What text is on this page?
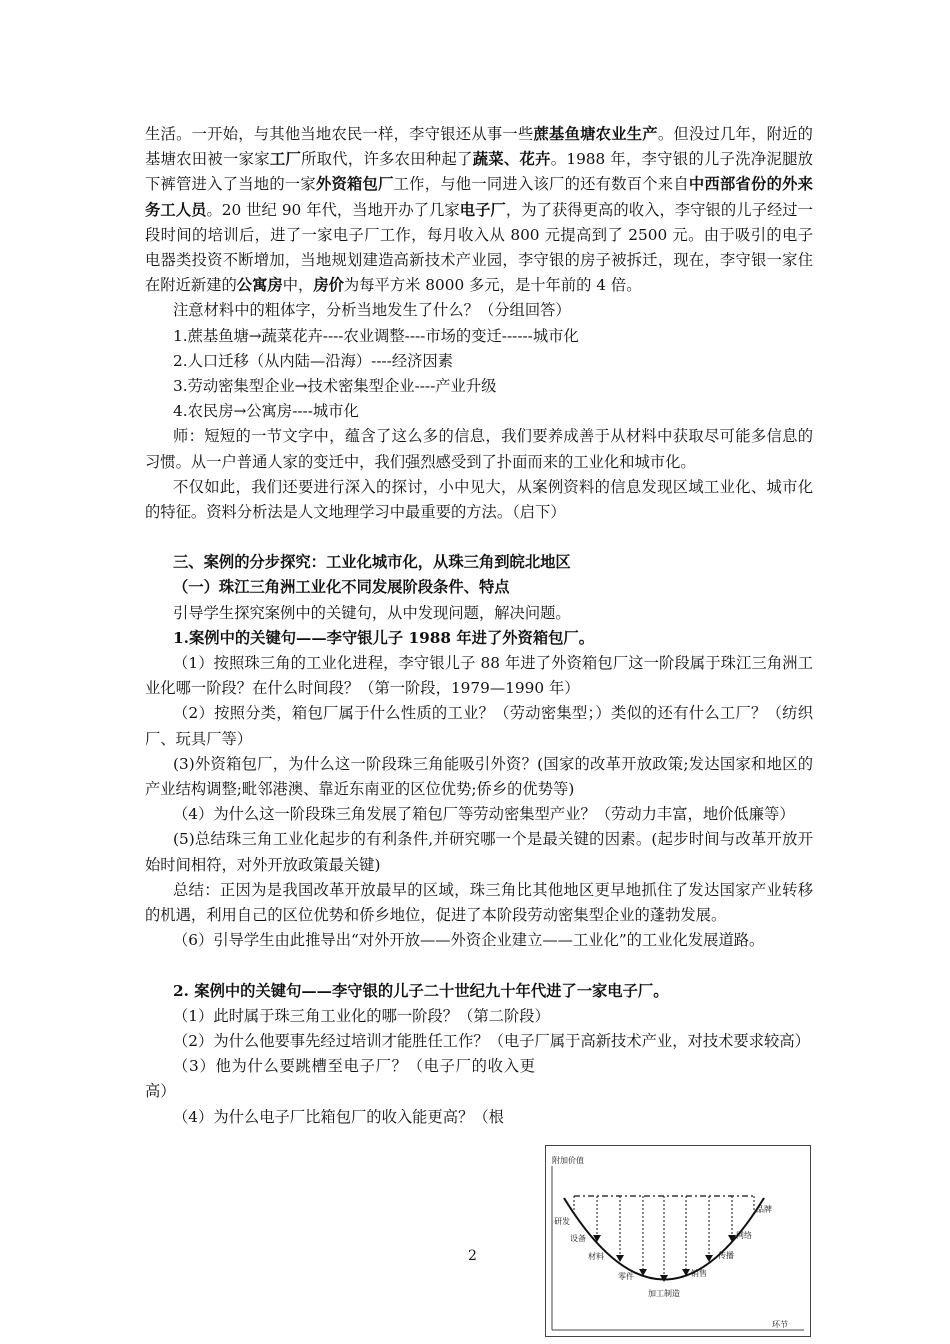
生活。一开始，与其他当地农民一样，李守银还从事一些蔗基鱼塘农业生产。但没过几年，附近的基塘农田被一家家工厂所取代，许多农田种起了蔬菜、花卉。1988 年，李守银的儿子洗净泥腿放下裤管进入了当地的一家外资箱包厂工作，与他一同进入该厂的还有数百个来自中西部省份的外来务工人员。20 世纪 90 年代，当地开办了几家电子厂，为了获得更高的收入，李守银的儿子经过一段时间的培训后，进了一家电子厂工作，每月收入从 800 元提高到了 2500 元。由于吸引的电子电器类投资不断增加，当地规划建造高新技术产业园，李守银的房子被拆迁，现在，李守银一家住在附近新建的公寓房中，房价为每平方米 8000 多元，是十年前的 4 倍。

注意材料中的粗体字，分析当地发生了什么？（分组回答）

1.蔗基鱼塘→蔬菜花卉----农业调整----市场的变迁------城市化

2.人口迁移（从内陆—沿海）----经济因素

3.劳动密集型企业→技术密集型企业----产业升级

4.农民房→公寓房----城市化

师：短短的一节文字中，蕴含了这么多的信息，我们要养成善于从材料中获取尽可能多信息的习惯。从一户普通人家的变迁中，我们强烈感受到了扑面而来的工业化和城市化。

不仅如此，我们还要进行深入的探讨，小中见大，从案例资料的信息发现区域工业化、城市化的特征。资料分析法是人文地理学习中最重要的方法。（启下）

三、案例的分步探究：工业化城市化，从珠三角到皖北地区

（一）珠江三角洲工业化不同发展阶段条件、特点

引导学生探究案例中的关键句，从中发现问题，解决问题。

1.案例中的关键句——李守银儿子 1988 年进了外资箱包厂。

（1）按照珠三角的工业化进程，李守银儿子 88 年进了外资箱包厂这一阶段属于珠江三角洲工业化哪一阶段？在什么时间段？（第一阶段，1979—1990 年）

（2）按照分类，箱包厂属于什么性质的工业？（劳动密集型；）类似的还有什么工厂？（纺织厂、玩具厂等）

(3)外资箱包厂，为什么这一阶段珠三角能吸引外资？(国家的改革开放政策;发达国家和地区的产业结构调整;毗邻港澳、靠近东南亚的区位优势;侨乡的优势等)

（4）为什么这一阶段珠三角发展了箱包厂等劳动密集型产业？（劳动力丰富，地价低廉等）

(5)总结珠三角工业化起步的有利条件,并研究哪一个是最关键的因素。(起步时间与改革开放开始时间相符，对外开放政策最关键)

总结：正因为是我国改革开放最早的区域，珠三角比其他地区更早地抓住了发达国家产业转移的机遇，利用自己的区位优势和侨乡地位，促进了本阶段劳动密集型企业的蓬勃发展。

（6）引导学生由此推导出“对外开放——外资企业建立——工业化”的工业化发展道路。

2. 案例中的关键句——李守银的儿子二十世纪九十年代进了一家电子厂。

（1）此时属于珠三角工业化的哪一阶段？（第二阶段）

（2）为什么他要事先经过培训才能胜任工作？（电子厂属于高新技术产业，对技术要求较高）

（3）他为什么要跳槽至电子厂？（电子厂的收入更高）

（4）为什么电子厂比箱包厂的收入能更高？（根

2
附加价值
环节
研发
设备
材料
零件
加工制造
销售
传播
网络
品牌
